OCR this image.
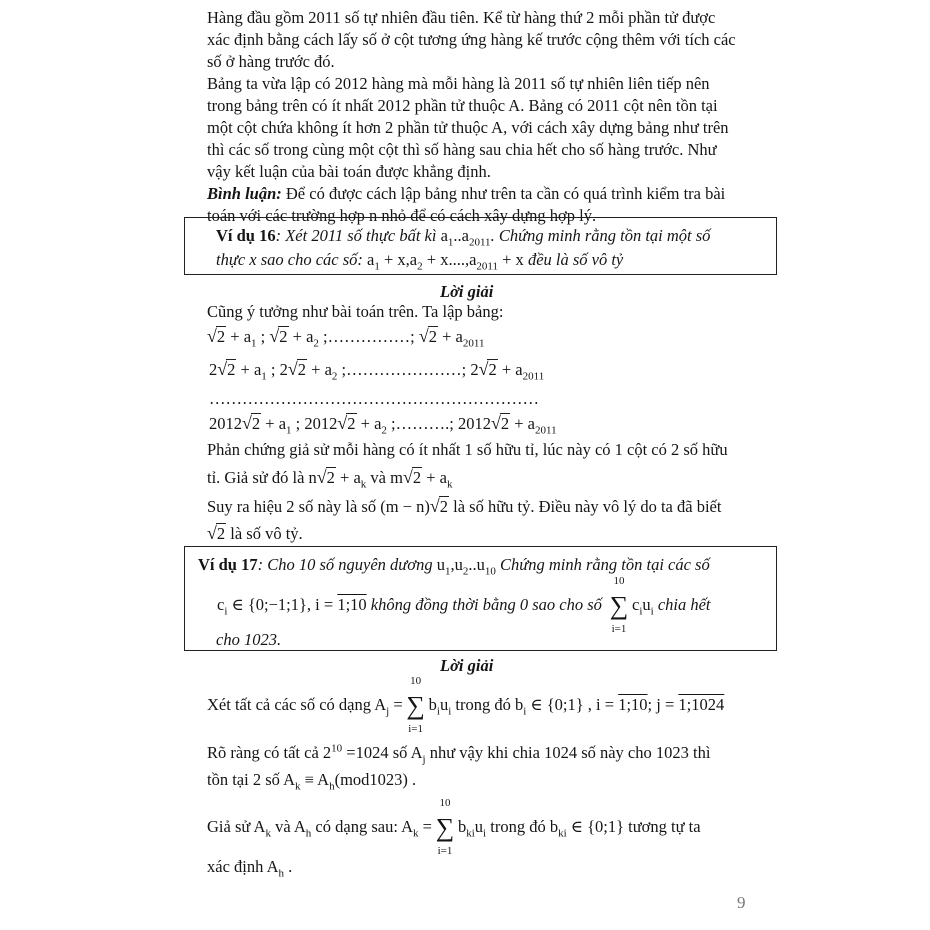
Hàng đầu gồm 2011 số tự nhiên đầu tiên. Kể từ hàng thứ 2 mỗi phần tử được
xác định bằng cách lấy số ở cột tương ứng hàng kế trước cộng thêm với tích các
số ở hàng trước đó.
Bảng ta vừa lập có 2012 hàng mà mỗi hàng là 2011 số tự nhiên liên tiếp nên
trong bảng trên có ít nhất 2012 phần tử thuộc A. Bảng có 2011 cột nên tồn tại
một cột chứa không ít hơn 2 phần tử thuộc A, với cách xây dựng bảng như trên
thì các số trong cùng một cột thì số hàng sau chia hết cho số hàng trước. Như
vậy kết luận của bài toán được khẳng định.
Bình luận: Để có được cách lập bảng như trên ta cần có quá trình kiểm tra bài
toán với các trường hợp n nhỏ để có cách xây dựng hợp lý.
Ví dụ 16: Xét 2011 số thực bất kì $a_1..a_{2011}$. Chứng minh rằng tồn tại một số
thực x sao cho các số: $a_1 + x,a_2 + x....,a_{2011} + x$ đều là số vô tỷ
Lời giải
Cũng ý tưởng như bài toán trên. Ta lập bảng:
$√2 + a_1$ ; $√2 + a_2$ ;……………; $√2 + a_{2011}$
$2√2 + a_1$ ; $2√2 + a_2$ ;…………………; $2√2 + a_{2011}$
……………………………………………………
$2012√2 + a_1$ ; $2012√2 + a_2$ ;……….; $2012√2 + a_{2011}$
Phản chứng giả sử mỗi hàng có ít nhất 1 số hữu tỉ, lúc này có 1 cột có 2 số hữu
tỉ. Giả sử đó là $n√2 + a_k$ và $m√2 + a_k$
Suy ra hiệu 2 số này là số (m − n)√2 là số hữu tỷ. Điều này vô lý do ta đã biết
√2 là số vô tỷ.
Ví dụ 17: Cho 10 số nguyên dương $u_1,u_2..u_{10}$ Chứng minh rằng tồn tại các số
$c_i$ ∈ {0;−1;1}, i = 1;10 không đồng thời bằng 0 sao cho số
10
∑
i=1
$c_iu_i$ chia hết
cho 1023.
Lời giải
Xét tất cả các số có dạng $A_j$ =
10
∑
i=1
$b_iu_i$ trong đó $b_i$ ∈ {0;1} , i = 1;10; j = 1;1024
Rõ ràng có tất cả $2^{10} =1024$ số $A_j$ như vậy khi chia 1024 số này cho 1023 thì
tồn tại 2 số $A_k \equiv A_h(mod1023)$ .
Giả sử $A_k$ và $A_h$ có dạng sau: $A_k$ =
10
∑
i=1
$b_{ki}u_i$ trong đó $b_{ki}$ ∈ {0;1} tương tự ta
xác định $A_h$ .
9
